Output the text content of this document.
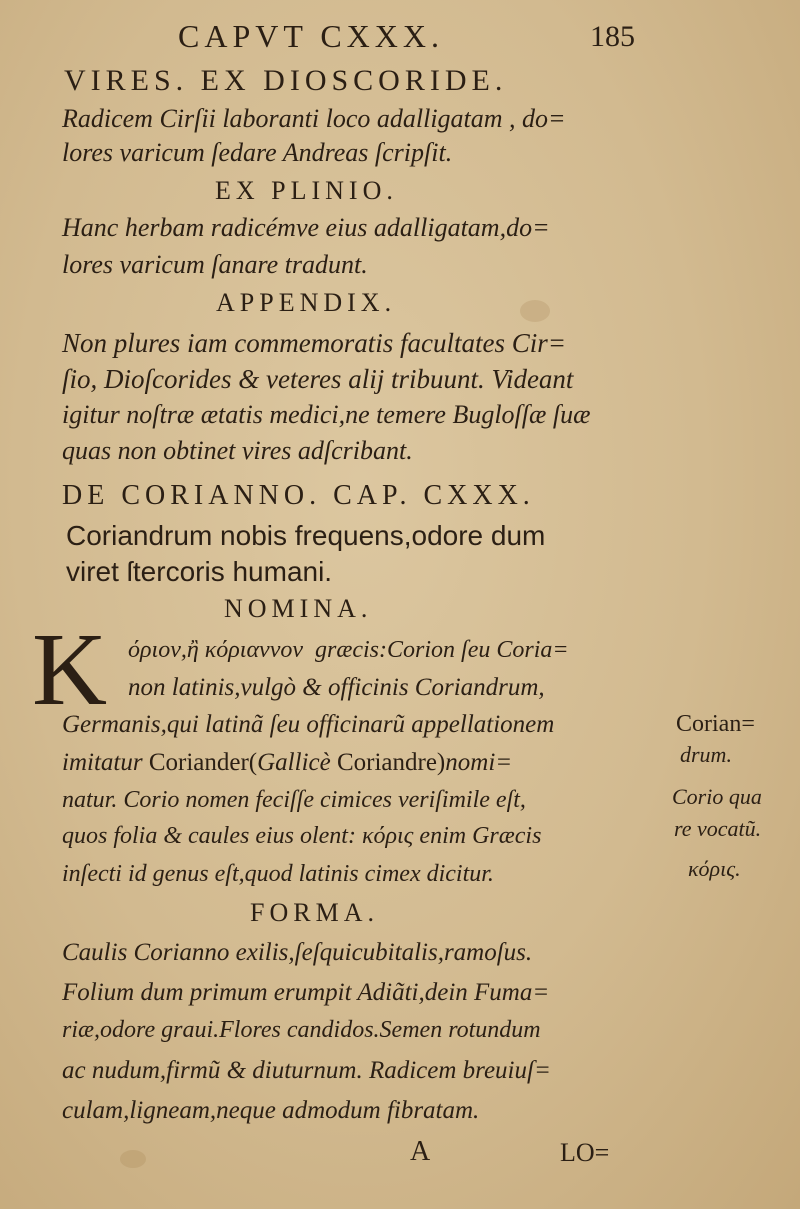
CAPVT CXXX.	185
VIRES. EX DIOSCORIDE.
Radicem Cirſii laboranti loco adalligatam , do=
lores varicum ſedare Andreas ſcripſit.
EX PLINIO.
Hanc herbam radicémve eius adalligatam,do=
lores varicum ſanare tradunt.
APPENDIX.
Non plures iam commemoratis facultates Cir=
ſio, Dioſcorides & veteres alij tribuunt. Videant
igitur noſtræ ætatis medici,ne temere Bugloſſæ ſuæ
quas non obtinet vires adſcribant.
DE CORIANNO. CAP. CXXX.
Coriandrum nobis frequens,odore dum
viret ſtercoris humani.
NOMINA.
K όριον,ἢ κόριαννον græcis:Corion ſeu Coria=
non latinis,vulgò & officinis Coriandrum,
Germanis,qui latinã ſeu officinarũ appellationem
imitatur Coriander(Gallicè Coriandre)nomi=
natur. Corio nomen feciſſe cimices veriſimile eſt,
quos folia & caules eius olent: κόρις enim Græcis
inſecti id genus eſt,quod latinis cimex dicitur.
Corian=
drum.
Corio qua
re vocatũ.
κόρις.
FORMA.
Caulis Corianno exilis,ſeſquicubitalis,ramoſus.
Folium dum primum erumpit Adiãti,dein Fuma=
riæ,odore graui.Flores candidos.Semen rotundum
ac nudum,firmũ & diuturnum. Radicem breuiuſ=
culam,ligneam,neque admodum fibratam.
A	LO=
